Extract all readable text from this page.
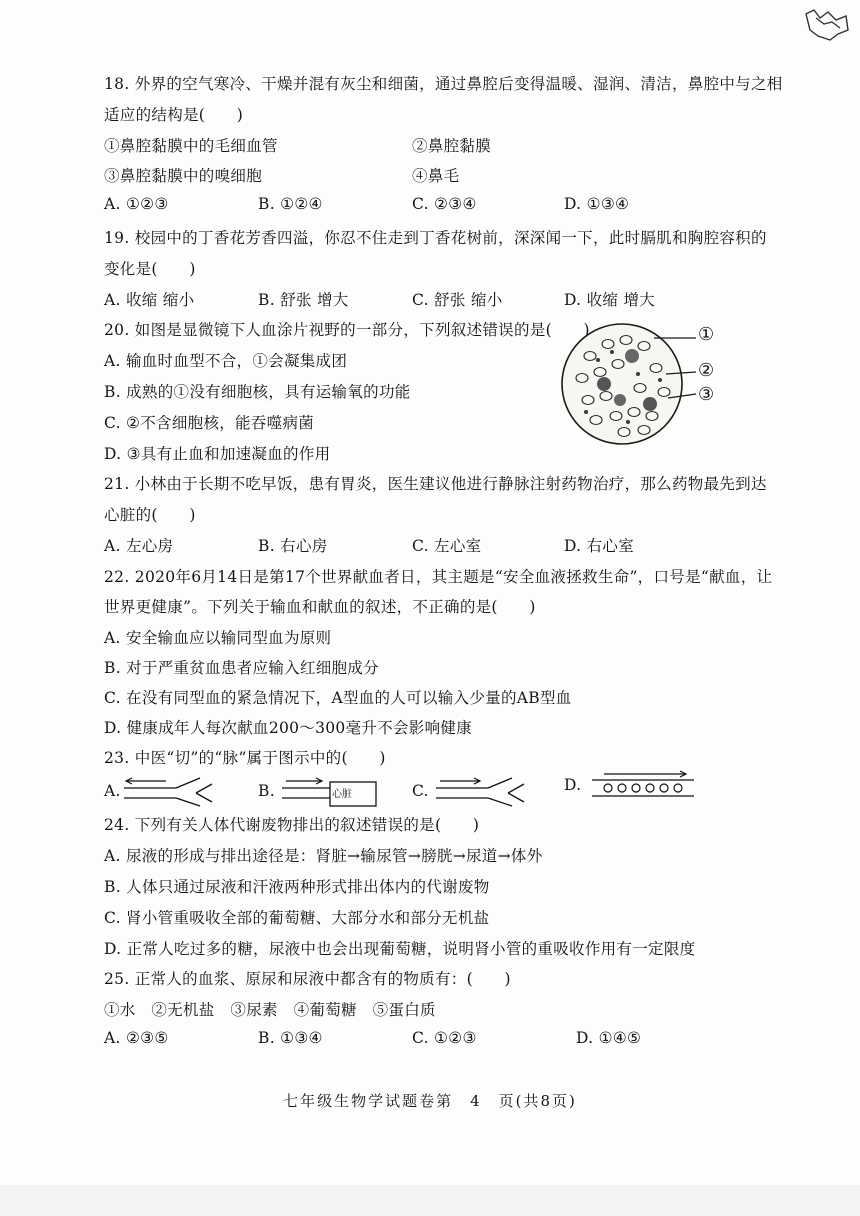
18. 外界的空气寒冷、干燥并混有灰尘和细菌，通过鼻腔后变得温暖、湿润、清洁，鼻腔中与之相
适应的结构是(　　)
①鼻腔黏膜中的毛细血管	②鼻腔黏膜
③鼻腔黏膜中的嗅细胞	④鼻毛
A. ①②③	B. ①②④	C. ②③④	D. ①③④
19. 校园中的丁香花芳香四溢，你忍不住走到丁香花树前，深深闻一下，此时膈肌和胸腔容积的
变化是(　　)
A. 收缩 缩小	B. 舒张 增大	C. 舒张 缩小	D. 收缩 增大
20. 如图是显微镜下人血涂片视野的一部分，下列叙述错误的是(　　)
A. 输血时血型不合，①会凝集成团
B. 成熟的①没有细胞核，具有运输氧的功能
C. ②不含细胞核，能吞噬病菌
D. ③具有止血和加速凝血的作用
①
②
③
21. 小林由于长期不吃早饭，患有胃炎，医生建议他进行静脉注射药物治疗，那么药物最先到达
心脏的(　　)
A. 左心房	B. 右心房	C. 左心室	D. 右心室
22. 2020年6月14日是第17个世界献血者日，其主题是“安全血液拯救生命”，口号是“献血，让
世界更健康”。下列关于输血和献血的叙述，不正确的是(　　)
A. 安全输血应以输同型血为原则
B. 对于严重贫血患者应输入红细胞成分
C. 在没有同型血的紧急情况下，A型血的人可以输入少量的AB型血
D. 健康成年人每次献血200～300毫升不会影响健康
23. 中医“切”的“脉”属于图示中的(　　)
A.	B.	心脏	C.	D.
24. 下列有关人体代谢废物排出的叙述错误的是(　　)
A. 尿液的形成与排出途径是：肾脏→输尿管→膀胱→尿道→体外
B. 人体只通过尿液和汗液两种形式排出体内的代谢废物
C. 肾小管重吸收全部的葡萄糖、大部分水和部分无机盐
D. 正常人吃过多的糖，尿液中也会出现葡萄糖，说明肾小管的重吸收作用有一定限度
25. 正常人的血浆、原尿和尿液中都含有的物质有：(　　)
①水　②无机盐　③尿素　④葡萄糖　⑤蛋白质
A. ②③⑤	B. ①③④	C. ①②③	D. ①④⑤
七年级生物学试题卷第　4　页(共8页)
